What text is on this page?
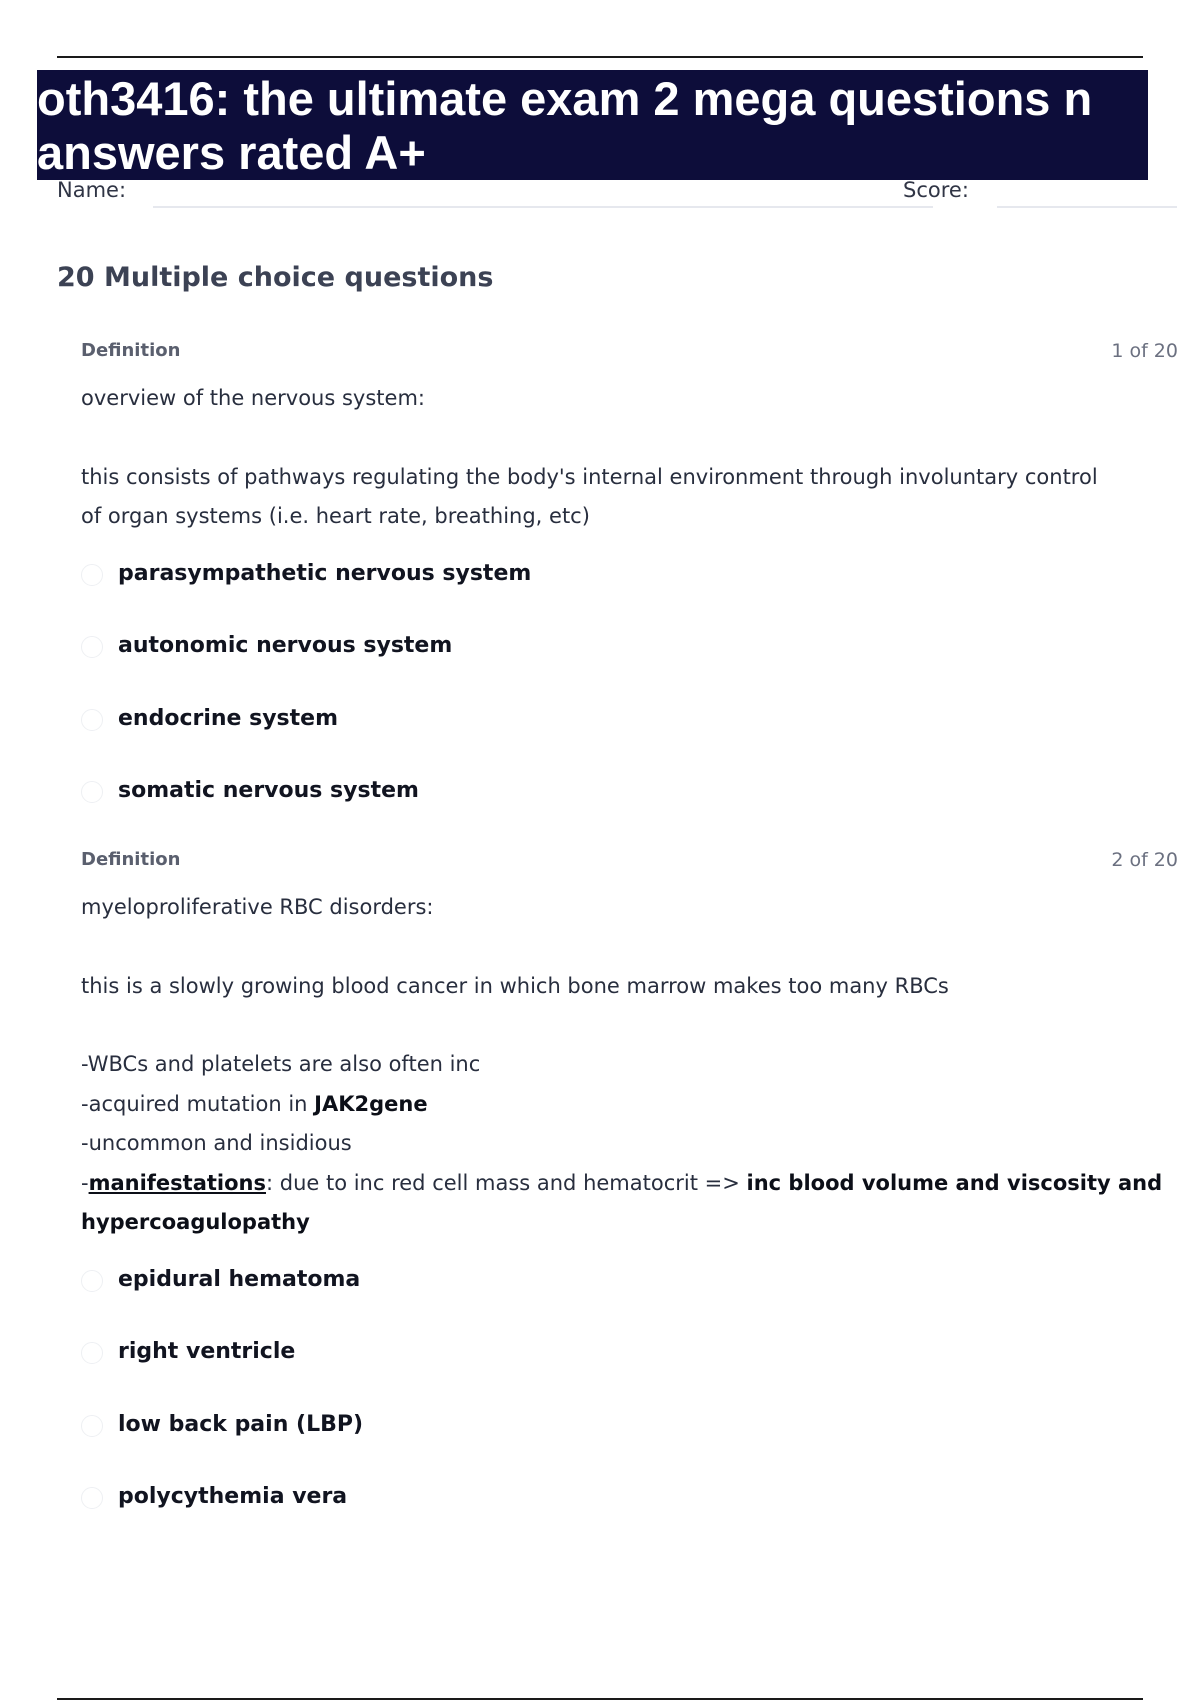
oth3416: the ultimate exam 2 mega questions n answers rated A+
Name:	Score:
20 Multiple choice questions
Definition	1 of 20

overview of the nervous system:

this consists of pathways regulating the body's internal environment through involuntary control

of organ systems (i.e. heart rate, breathing, etc)

parasympathetic nervous system
autonomic nervous system
endocrine system
somatic nervous system
Definition	2 of 20

myeloproliferative RBC disorders:

this is a slowly growing blood cancer in which bone marrow makes too many RBCs

-WBCs and platelets are also often inc

-acquired mutation in JAK2gene

-uncommon and insidious

-manifestations: due to inc red cell mass and hematocrit => inc blood volume and viscosity and hypercoagulopathy

epidural hematoma
right ventricle
low back pain (LBP)
polycythemia vera
